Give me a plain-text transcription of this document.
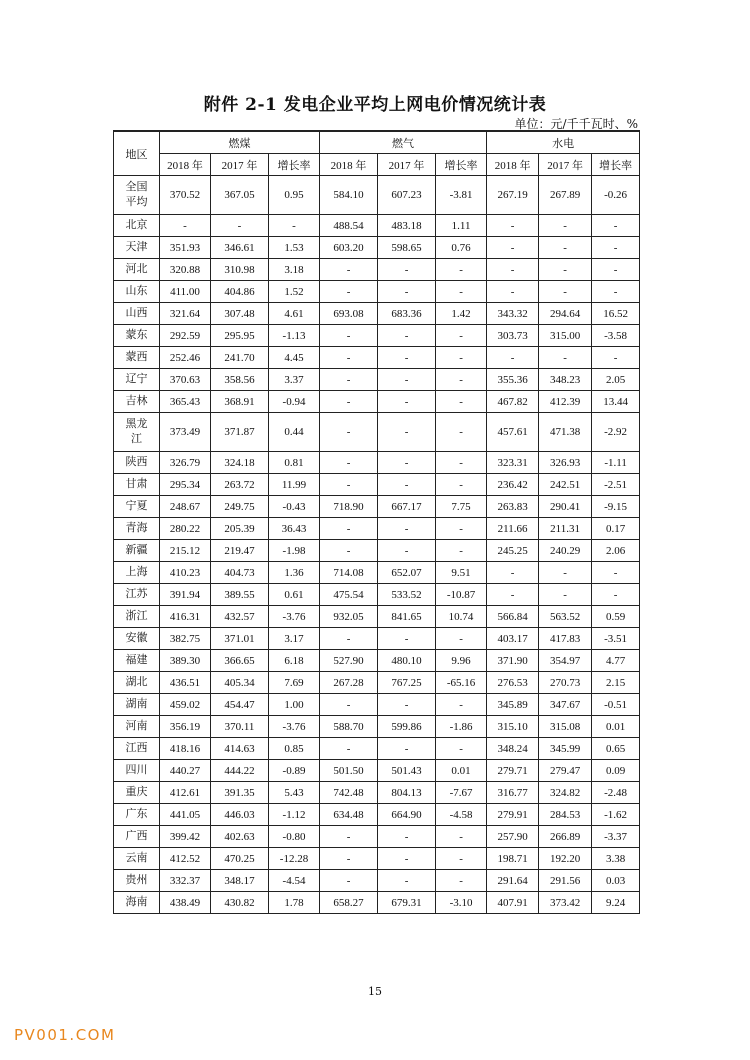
附件 2-1 发电企业平均上网电价情况统计表
单位：元/千千瓦时、%
地区	燃煤			燃气			水电		
	2018 年	2017 年	增长率	2018 年	2017 年	增长率	2018 年	2017 年	增长率
全国平均	370.52	367.05	0.95	584.10	607.23	-3.81	267.19	267.89	-0.26
北京	-	-	-	488.54	483.18	1.11	-	-	-
天津	351.93	346.61	1.53	603.20	598.65	0.76	-	-	-
河北	320.88	310.98	3.18	-	-	-	-	-	-
山东	411.00	404.86	1.52	-	-	-	-	-	-
山西	321.64	307.48	4.61	693.08	683.36	1.42	343.32	294.64	16.52
蒙东	292.59	295.95	-1.13	-	-	-	303.73	315.00	-3.58
蒙西	252.46	241.70	4.45	-	-	-	-	-	-
辽宁	370.63	358.56	3.37	-	-	-	355.36	348.23	2.05
吉林	365.43	368.91	-0.94	-	-	-	467.82	412.39	13.44
黑龙江	373.49	371.87	0.44	-	-	-	457.61	471.38	-2.92
陕西	326.79	324.18	0.81	-	-	-	323.31	326.93	-1.11
甘肃	295.34	263.72	11.99	-	-	-	236.42	242.51	-2.51
宁夏	248.67	249.75	-0.43	718.90	667.17	7.75	263.83	290.41	-9.15
青海	280.22	205.39	36.43	-	-	-	211.66	211.31	0.17
新疆	215.12	219.47	-1.98	-	-	-	245.25	240.29	2.06
上海	410.23	404.73	1.36	714.08	652.07	9.51	-	-	-
江苏	391.94	389.55	0.61	475.54	533.52	-10.87	-	-	-
浙江	416.31	432.57	-3.76	932.05	841.65	10.74	566.84	563.52	0.59
安徽	382.75	371.01	3.17	-	-	-	403.17	417.83	-3.51
福建	389.30	366.65	6.18	527.90	480.10	9.96	371.90	354.97	4.77
湖北	436.51	405.34	7.69	267.28	767.25	-65.16	276.53	270.73	2.15
湖南	459.02	454.47	1.00	-	-	-	345.89	347.67	-0.51
河南	356.19	370.11	-3.76	588.70	599.86	-1.86	315.10	315.08	0.01
江西	418.16	414.63	0.85	-	-	-	348.24	345.99	0.65
四川	440.27	444.22	-0.89	501.50	501.43	0.01	279.71	279.47	0.09
重庆	412.61	391.35	5.43	742.48	804.13	-7.67	316.77	324.82	-2.48
广东	441.05	446.03	-1.12	634.48	664.90	-4.58	279.91	284.53	-1.62
广西	399.42	402.63	-0.80	-	-	-	257.90	266.89	-3.37
云南	412.52	470.25	-12.28	-	-	-	198.71	192.20	3.38
贵州	332.37	348.17	-4.54	-	-	-	291.64	291.56	0.03
海南	438.49	430.82	1.78	658.27	679.31	-3.10	407.91	373.42	9.24
15
PV001.COM
